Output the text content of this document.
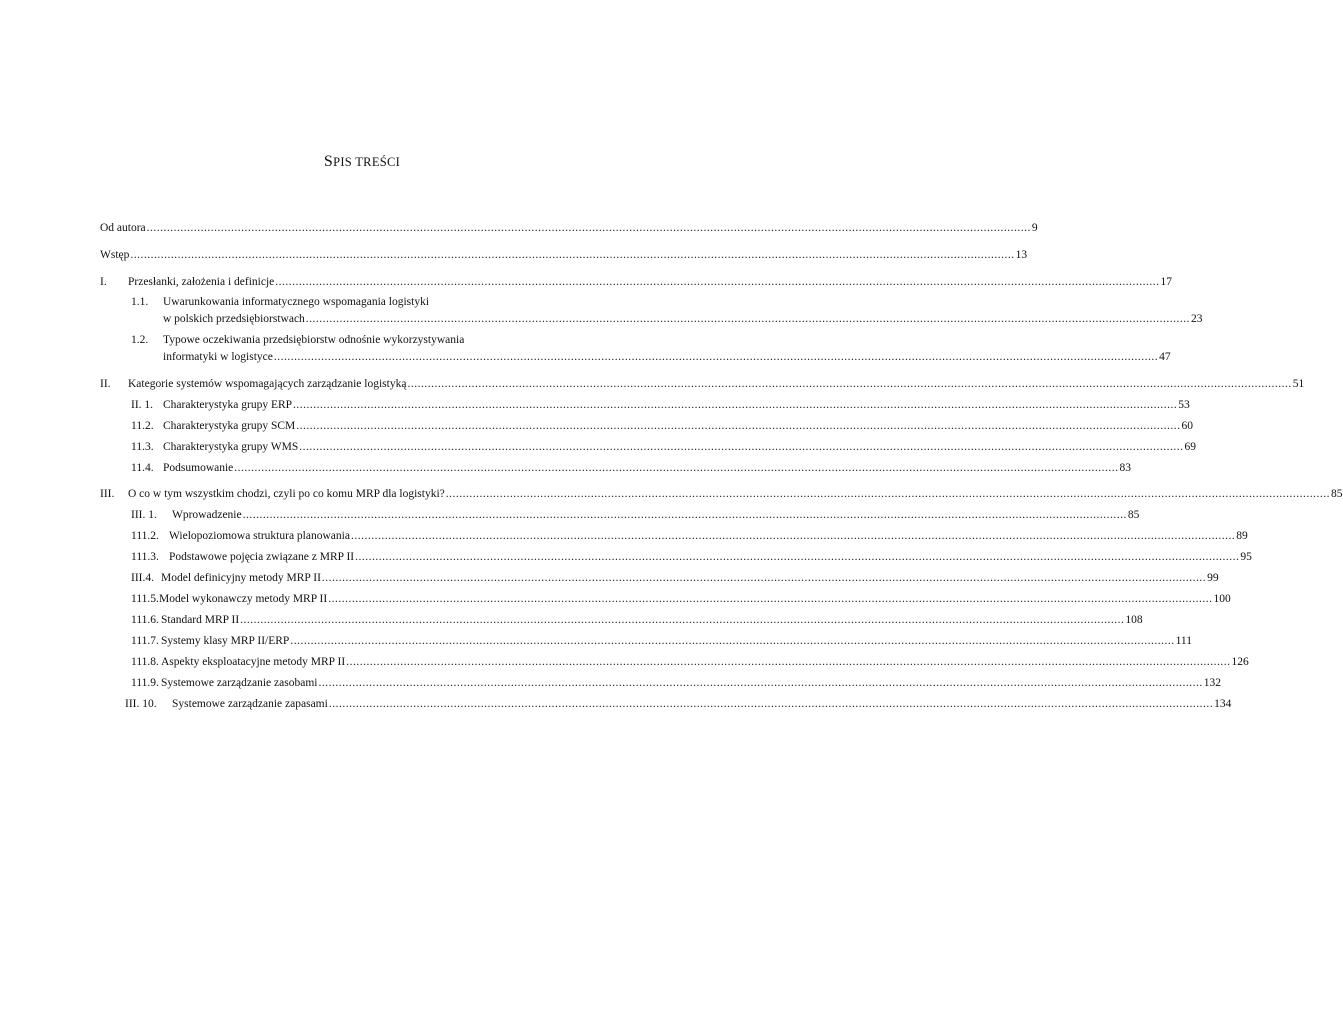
SPIS TREŚCI
Od autora .....	9
Wstęp .....	13
I.	Przesłanki, założenia i definicje .....	17
1.1. Uwarunkowania informatycznego wspomagania logistyki
w polskich przedsiębiorstwach .....	23
1.2. Typowe oczekiwania przedsiębiorstw odnośnie wykorzystywania
informatyki w logistyce .....	47
II.	Kategorie systemów wspomagających zarządzanie logistyką .....	51
II. 1. Charakterystyka grupy ERP .....	53
11.2. Charakterystyka grupy SCM .....	60
11.3. Charakterystyka grupy WMS .....	69
11.4. Podsumowanie .....	83
III.	O co w tym wszystkim chodzi, czyli po co komu MRP dla logistyki? .....	85
III. 1.	Wprowadzenie .....	85
111.2. Wielopoziomowa struktura planowania .....	89
111.3. Podstawowe pojęcia związane z MRP II .....	95
III.4. Model definicyjny metody MRP II .....	99
111.5. Model wykonawczy metody MRP II .....	100
111.6. Standard MRP II .....	108
111.7. Systemy klasy MRP II/ERP .....	111
111.8. Aspekty eksploatacyjne metody MRP II .....	126
111.9. Systemowe zarządzanie zasobami .....	132
III. 10.	Systemowe zarządzanie zapasami .....	134
